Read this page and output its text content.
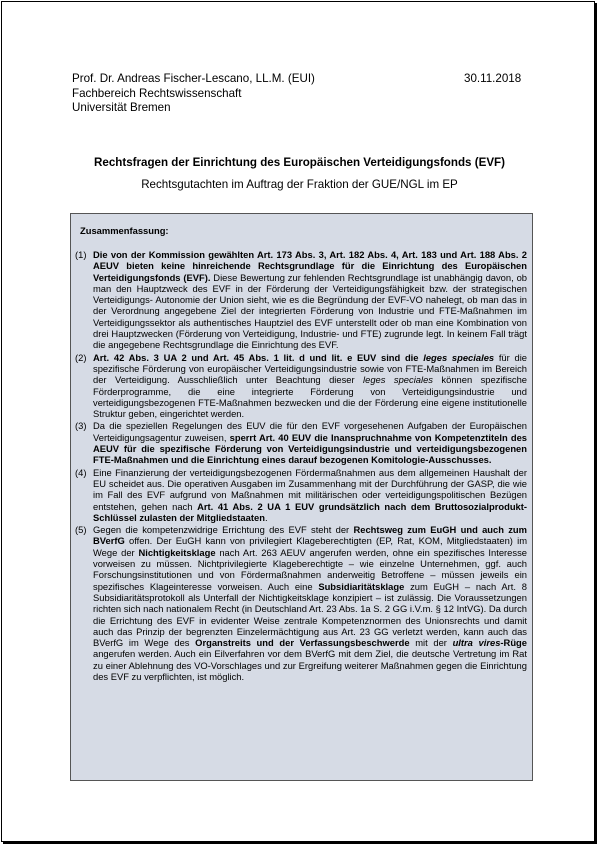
Prof. Dr. Andreas Fischer-Lescano, LL.M. (EUI)
Fachbereich Rechtswissenschaft
Universität Bremen
30.11.2018
Rechtsfragen der Einrichtung des Europäischen Verteidigungsfonds (EVF)
Rechtsgutachten im Auftrag der Fraktion der GUE/NGL im EP
Zusammenfassung:
(1) Die von der Kommission gewählten Art. 173 Abs. 3, Art. 182 Abs. 4, Art. 183 und Art. 188 Abs. 2 AEUV bieten keine hinreichende Rechtsgrundlage für die Einrichtung des Europäischen Verteidigungsfonds (EVF). Diese Bewertung zur fehlenden Rechtsgrundlage ist unabhängig davon, ob man den Hauptzweck des EVF in der Förderung der Verteidigungsfähigkeit bzw. der strategischen Verteidigungs- Autonomie der Union sieht, wie es die Begründung der EVF-VO nahelegt, ob man das in der Verordnung angegebene Ziel der integrierten Förderung von Industrie und FTE-Maßnahmen im Verteidigungssektor als authentisches Hauptziel des EVF unterstellt oder ob man eine Kombination von drei Hauptzwecken (Förderung von Verteidigung, Industrie- und FTE) zugrunde legt. In keinem Fall trägt die angegebene Rechtsgrundlage die Einrichtung des EVF.
(2) Art. 42 Abs. 3 UA 2 und Art. 45 Abs. 1 lit. d und lit. e EUV sind die leges speciales für die spezifische Förderung von europäischer Verteidigungsindustrie sowie von FTE-Maßnahmen im Bereich der Verteidigung. Ausschließlich unter Beachtung dieser leges speciales können spezifische Förderprogramme, die eine integrierte Förderung von Verteidigungsindustrie und verteidigungsbezogenen FTE-Maßnahmen bezwecken und die der Förderung eine eigene institutionelle Struktur geben, eingerichtet werden.
(3) Da die speziellen Regelungen des EUV die für den EVF vorgesehenen Aufgaben der Europäischen Verteidigungsagentur zuweisen, sperrt Art. 40 EUV die Inanspruchnahme von Kompetenztiteln des AEUV für die spezifische Förderung von Verteidigungsindustrie und verteidigungsbezogenen FTE-Maßnahmen und die Einrichtung eines darauf bezogenen Komitologie-Ausschusses.
(4) Eine Finanzierung der verteidigungsbezogenen Fördermaßnahmen aus dem allgemeinen Haushalt der EU scheidet aus. Die operativen Ausgaben im Zusammenhang mit der Durchführung der GASP, die wie im Fall des EVF aufgrund von Maßnahmen mit militärischen oder verteidigungspolitischen Bezügen entstehen, gehen nach Art. 41 Abs. 2 UA 1 EUV grundsätzlich nach dem Bruttosozialprodukt-Schlüssel zulasten der Mitgliedstaaten.
(5) Gegen die kompetenzwidrige Errichtung des EVF steht der Rechtsweg zum EuGH und auch zum BVerfG offen. Der EuGH kann von privilegiert Klageberechtigten (EP, Rat, KOM, Mitgliedstaaten) im Wege der Nichtigkeitsklage nach Art. 263 AEUV angerufen werden, ohne ein spezifisches Interesse vorweisen zu müssen. Nichtprivilegierte Klageberechtigte – wie einzelne Unternehmen, ggf. auch Forschungsinstitutionen und von Fördermaßnahmen anderweitig Betroffene – müssen jeweils ein spezifisches Klageinteresse vorweisen. Auch eine Subsidiaritätsklage zum EuGH – nach Art. 8 Subsidiaritätsprotokoll als Unterfall der Nichtigkeitsklage konzipiert – ist zulässig. Die Voraussetzungen richten sich nach nationalem Recht (in Deutschland Art. 23 Abs. 1a S. 2 GG i.V.m. § 12 IntVG). Da durch die Errichtung des EVF in evidenter Weise zentrale Kompetenznormen des Unionsrechts und damit auch das Prinzip der begrenzten Einzelermächtigung aus Art. 23 GG verletzt werden, kann auch das BVerfG im Wege des Organstreits und der Verfassungsbeschwerde mit der ultra vires-Rüge angerufen werden. Auch ein Eilverfahren vor dem BVerfG mit dem Ziel, die deutsche Vertretung im Rat zu einer Ablehnung des VO-Vorschlages und zur Ergreifung weiterer Maßnahmen gegen die Einrichtung des EVF zu verpflichten, ist möglich.
